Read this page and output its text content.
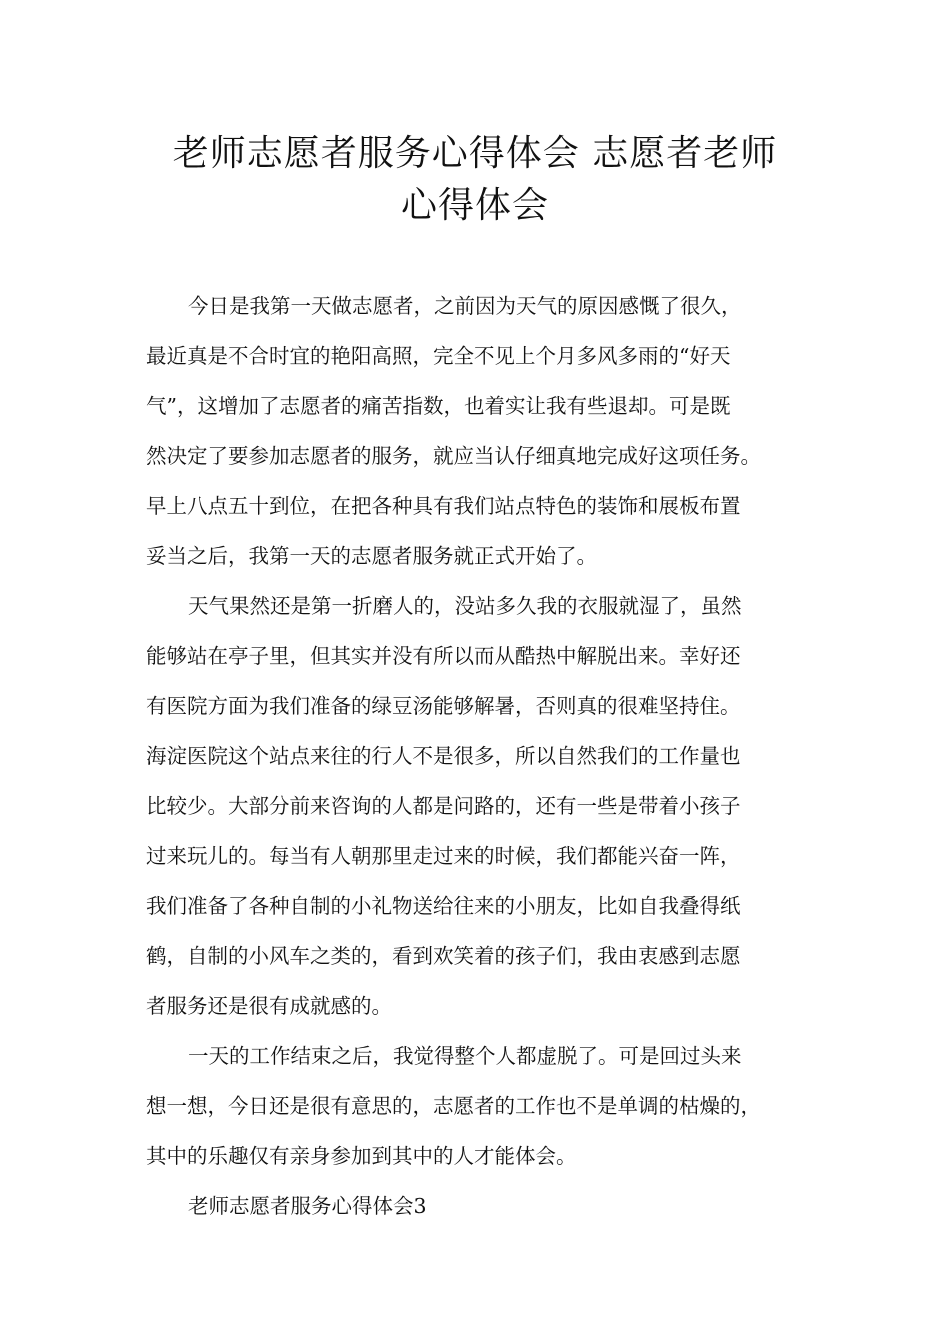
老师志愿者服务心得体会 志愿者老师
心得体会
今日是我第一天做志愿者，之前因为天气的原因感慨了很久，
最近真是不合时宜的艳阳高照，完全不见上个月多风多雨的“好天
气”，这增加了志愿者的痛苦指数，也着实让我有些退却。可是既
然决定了要参加志愿者的服务，就应当认仔细真地完成好这项任务。
早上八点五十到位，在把各种具有我们站点特色的装饰和展板布置
妥当之后，我第一天的志愿者服务就正式开始了。
天气果然还是第一折磨人的，没站多久我的衣服就湿了，虽然
能够站在亭子里，但其实并没有所以而从酷热中解脱出来。幸好还
有医院方面为我们准备的绿豆汤能够解暑，否则真的很难坚持住。
海淀医院这个站点来往的行人不是很多，所以自然我们的工作量也
比较少。大部分前来咨询的人都是问路的，还有一些是带着小孩子
过来玩儿的。每当有人朝那里走过来的时候，我们都能兴奋一阵，
我们准备了各种自制的小礼物送给往来的小朋友，比如自我叠得纸
鹤，自制的小风车之类的，看到欢笑着的孩子们，我由衷感到志愿
者服务还是很有成就感的。
一天的工作结束之后，我觉得整个人都虚脱了。可是回过头来
想一想，今日还是很有意思的，志愿者的工作也不是单调的枯燥的，
其中的乐趣仅有亲身参加到其中的人才能体会。
老师志愿者服务心得体会3
